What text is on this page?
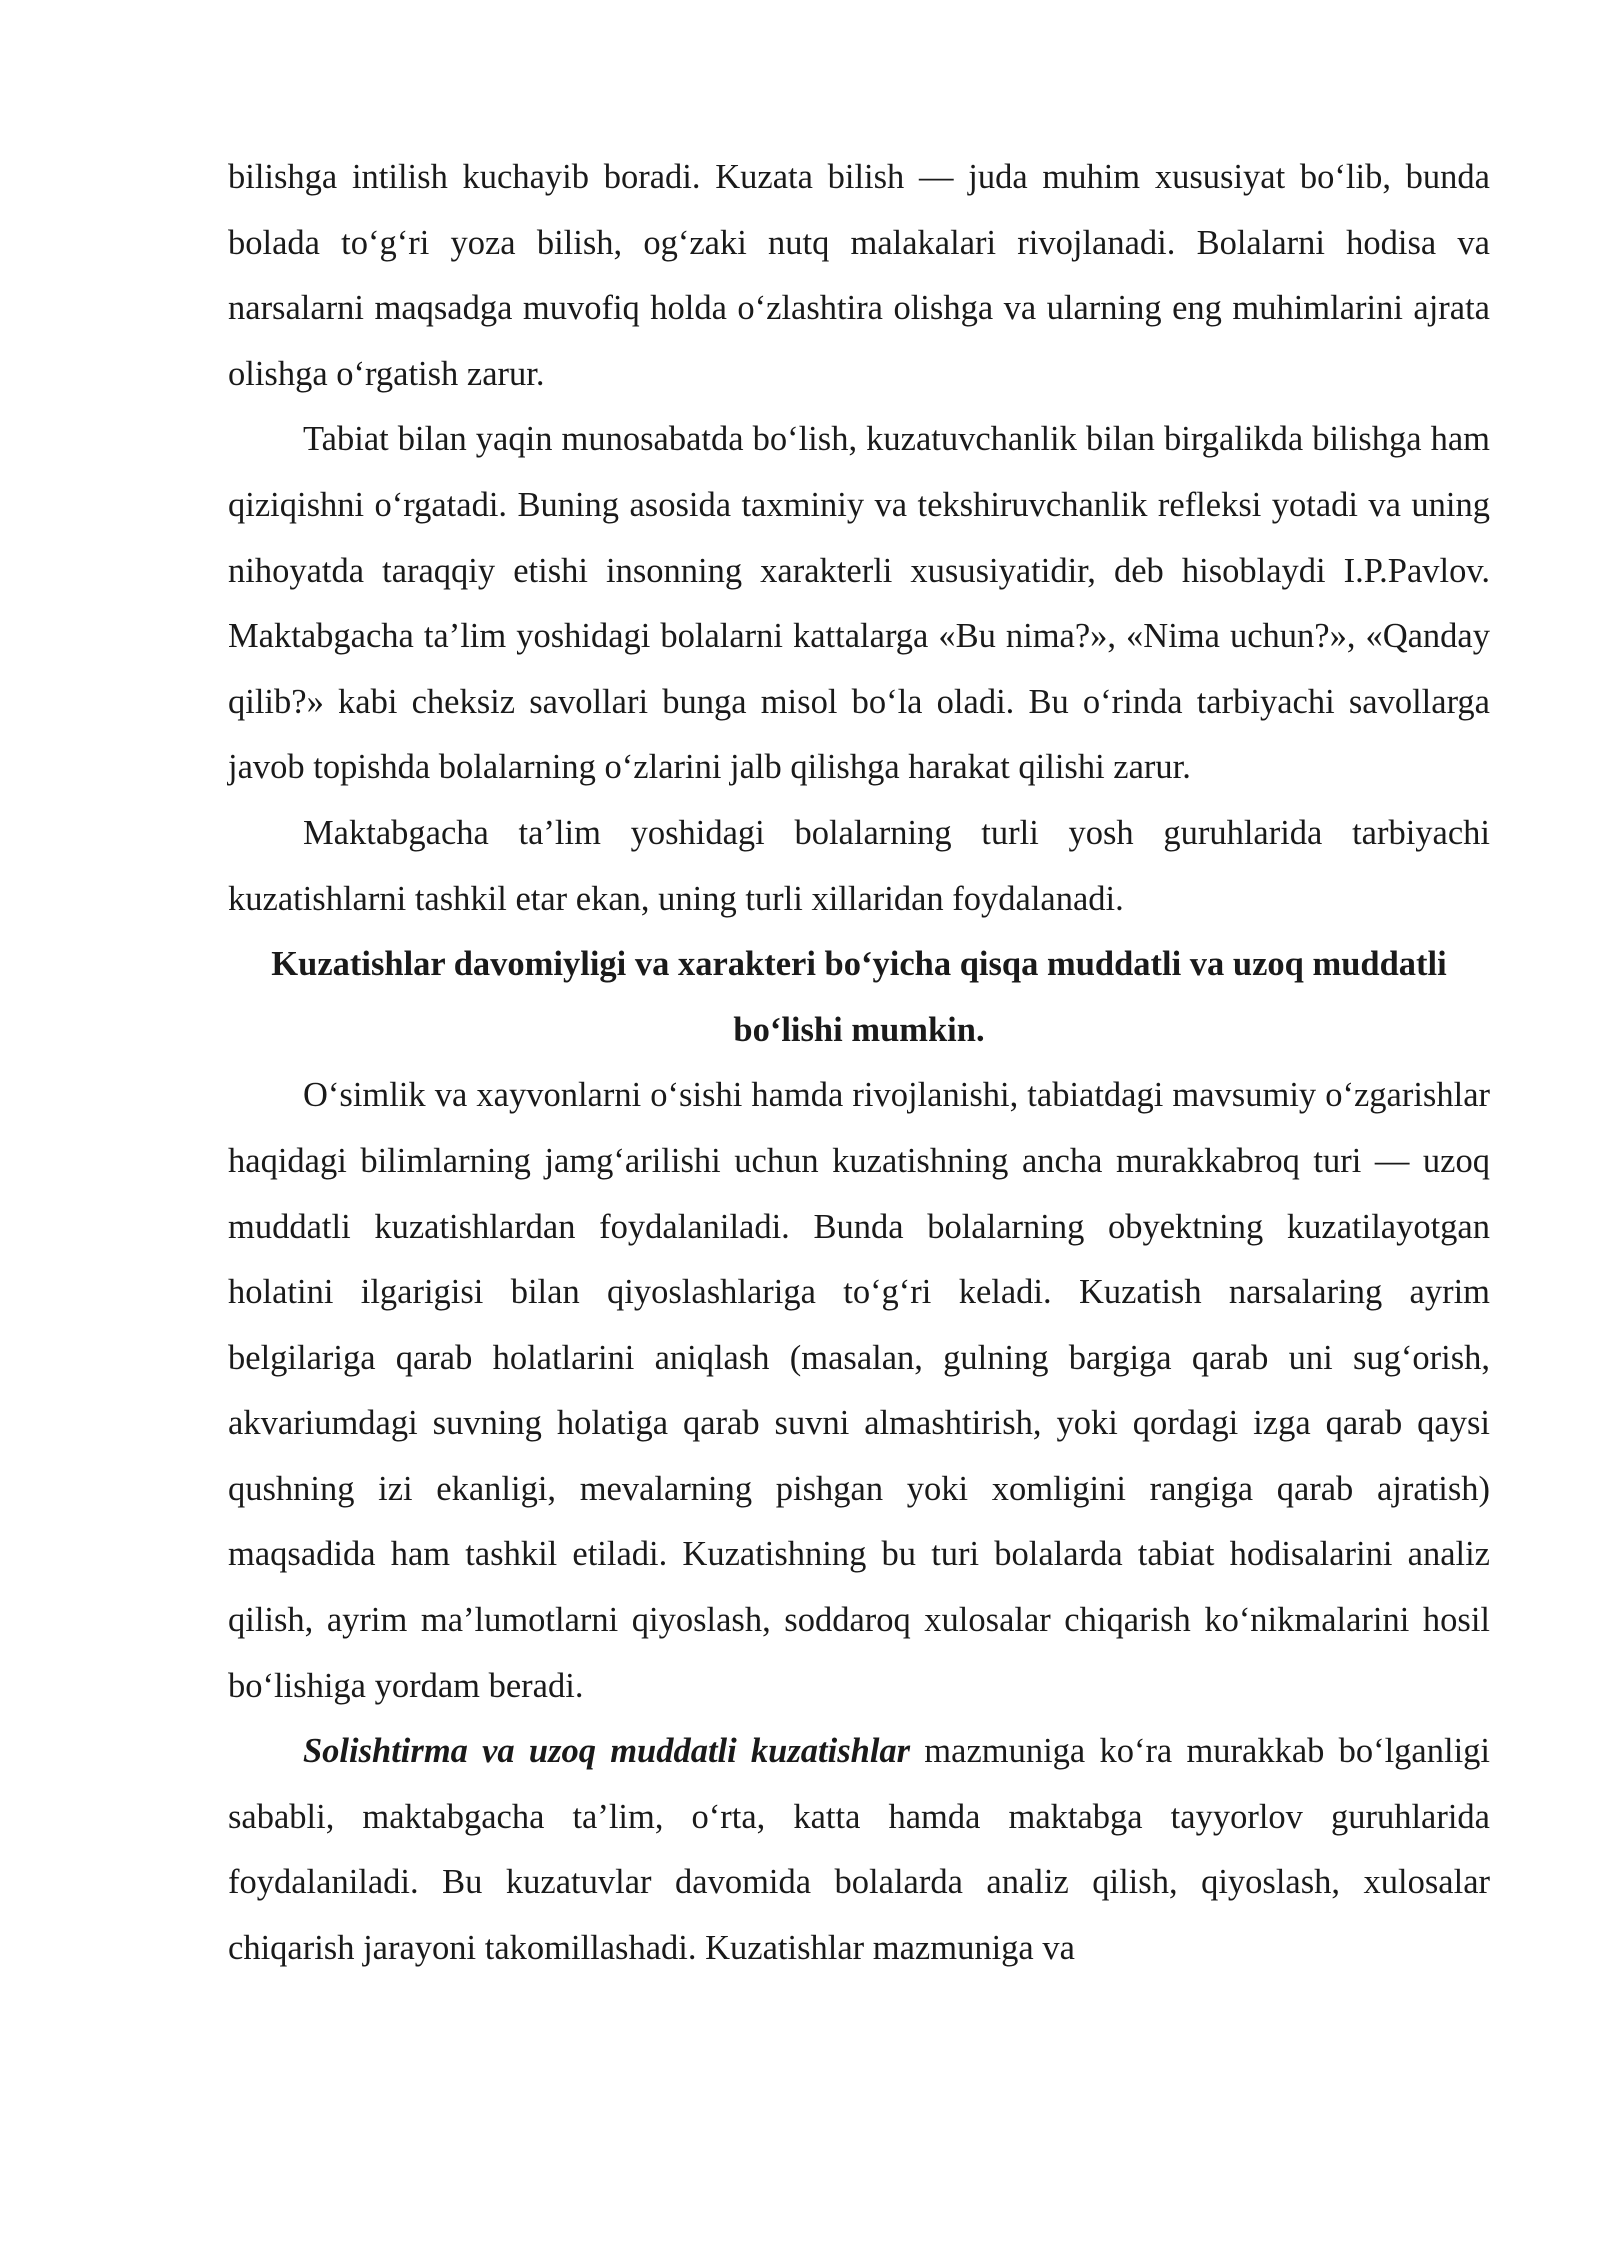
bilishga intilish kuchayib boradi. Kuzata bilish — juda muhim xususiyat bo‘lib, bunda bolada to‘g‘ri yoza bilish, og‘zaki nutq malakalari rivojlanadi. Bolalarni hodisa va narsalarni maqsadga muvofiq holda o‘zlashtira olishga va ularning eng muhimlarini ajrata olishga o‘rgatish zarur.

Tabiat bilan yaqin munosabatda bo‘lish, kuzatuvchanlik bilan birgalikda bilishga ham qiziqishni o‘rgatadi. Buning asosida taxminiy va tekshiruvchanlik refleksi yotadi va uning nihoyatda taraqqiy etishi insonning xarakterli xususiyatidir, deb hisoblaydi I.P.Pavlov. Maktabgacha ta’lim yoshidagi bolalarni kattalarga «Bu nima?», «Nima uchun?», «Qanday qilib?» kabi cheksiz savollari bunga misol bo‘la oladi. Bu o‘rinda tarbiyachi savollarga javob topishda bolalarning o‘zlarini jalb qilishga harakat qilishi zarur.

Maktabgacha ta’lim yoshidagi bolalarning turli yosh guruhlarida tarbiyachi kuzatishlarni tashkil etar ekan, uning turli xillaridan foydalanadi.

Kuzatishlar davomiyligi va xarakteri bo‘yicha qisqa muddatli va uzoq muddatli bo‘lishi mumkin.

O‘simlik va xayvonlarni o‘sishi hamda rivojlanishi, tabiatdagi mavsumiy o‘zgarishlar haqidagi bilimlarning jamg‘arilishi uchun kuzatishning ancha murakkabroq turi — uzoq muddatli kuzatishlardan foydalaniladi. Bunda bolalarning obyektning kuzatilayotgan holatini ilgarigisi bilan qiyoslashlariga to‘g‘ri keladi. Kuzatish narsalaring ayrim belgilariga qarab holatlarini aniqlash (masalan, gulning bargiga qarab uni sug‘orish, akvariumdagi suvning holatiga qarab suvni almashtirish, yoki qordagi izga qarab qaysi qushning izi ekanligi, mevalarning pishgan yoki xomligini rangiga qarab ajratish) maqsadida ham tashkil etiladi. Kuzatishning bu turi bolalarda tabiat hodisalarini analiz qilish, ayrim ma’lumotlarni qiyoslash, soddaroq xulosalar chiqarish ko‘nikmalarini hosil bo‘lishiga yordam beradi.

Solishtirma va uzoq muddatli kuzatishlar mazmuniga ko‘ra murakkab bo‘lganligi sababli, maktabgacha ta’lim, o‘rta, katta hamda maktabga tayyorlov guruhlarida foydalaniladi. Bu kuzatuvlar davomida bolalarda analiz qilish, qiyoslash, xulosalar chiqarish jarayoni takomillashadi. Kuzatishlar mazmuniga va
